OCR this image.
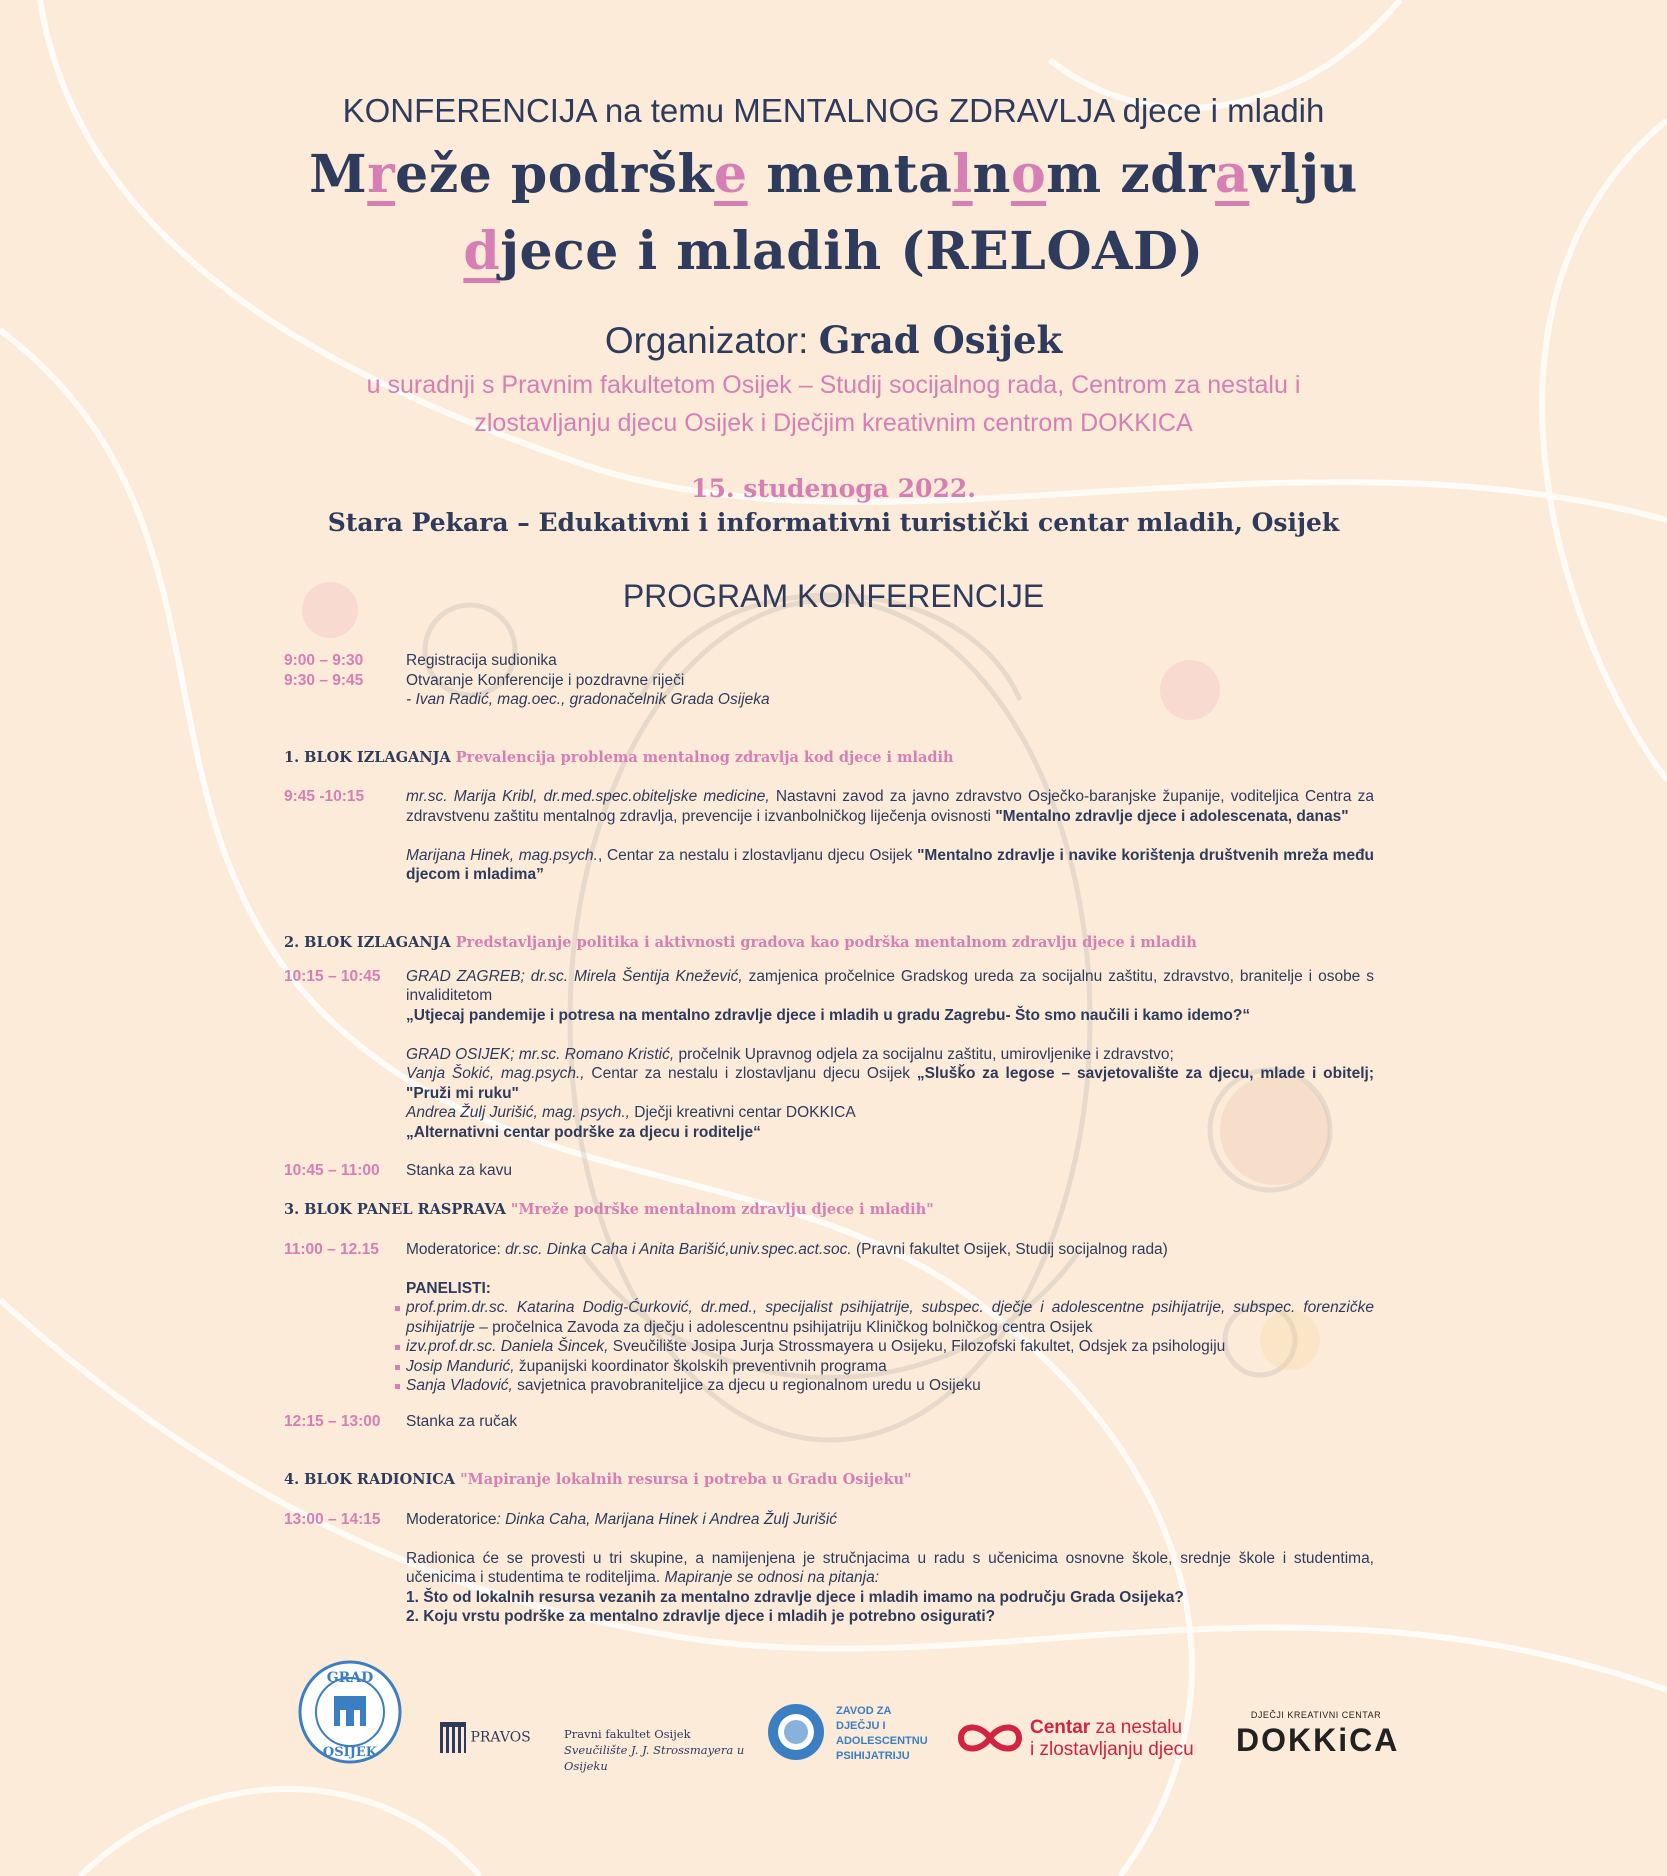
KONFERENCIJA na temu MENTALNOG ZDRAVLJA djece i mladih
Mreže podrške mentalnom zdravlju
djece i mladih (RELOAD)
Organizator: Grad Osijek
u suradnji s Pravnim fakultetom Osijek – Studij socijalnog rada, Centrom za nestalu i
zlostavljanju djecu Osijek i Dječjim kreativnim centrom DOKKICA
15. studenoga 2022.
Stara Pekara – Edukativni i informativni turistički centar mladih, Osijek
PROGRAM KONFERENCIJE
9:00 – 9:30	Registracija sudionika
9:30 – 9:45	Otvaranje Konferencije i pozdravne riječi
- Ivan Radić, mag.oec., gradonačelnik Grada Osijeka
1. BLOK IZLAGANJA Prevalencija problema mentalnog zdravlja kod djece i mladih
9:45 -10:15	mr.sc. Marija Kribl, dr.med.spec.obiteljske medicine, Nastavni zavod za javno zdravstvo Osječko-baranjske županije, voditeljica Centra za zdravstvenu zaštitu mentalnog zdravlja, prevencije i izvanbolničkog liječenja ovisnosti "Mentalno zdravlje djece i adolescenata, danas"
Marijana Hinek, mag.psych., Centar za nestalu i zlostavljanu djecu Osijek "Mentalno zdravlje i navike korištenja društvenih mreža među djecom i mladima”
2. BLOK IZLAGANJA Predstavljanje politika i aktivnosti gradova kao podrška mentalnom zdravlju djece i mladih
10:15 – 10:45	GRAD ZAGREB; dr.sc. Mirela Šentija Knežević, zamjenica pročelnice Gradskog ureda za socijalnu zaštitu, zdravstvo, branitelje i osobe s invaliditetom
„Utjecaj pandemije i potresa na mentalno zdravlje djece i mladih u gradu Zagrebu- Što smo naučili i kamo idemo?“
GRAD OSIJEK; mr.sc. Romano Kristić, pročelnik Upravnog odjela za socijalnu zaštitu, umirovljenike i zdravstvo;
Vanja Šokić, mag.psych., Centar za nestalu i zlostavljanu djecu Osijek „Slušk̆o za legose – savjetovalište za djecu, mlade i obitelj; "Pruži mi ruku"
Andrea Žulj Jurišić, mag. psych., Dječji kreativni centar DOKKICA
„Alternativni centar podrške za djecu i roditelje“
10:45 – 11:00	Stanka za kavu
3. BLOK PANEL RASPRAVA "Mreže podrške mentalnom zdravlju djece i mladih"
11:00 – 12.15	Moderatorice: dr.sc. Dinka Caha i Anita Barišić,univ.spec.act.soc. (Pravni fakultet Osijek, Studij socijalnog rada)
PANELISTI:
prof.prim.dr.sc. Katarina Dodig-Ćurković, dr.med., specijalist psihijatrije, subspec. dječje i adolescentne psihijatrije, subspec. forenzičke psihijatrije – pročelnica Zavoda za dječju i adolescentnu psihijatriju Kliničkog bolničkog centra Osijek
izv.prof.dr.sc. Daniela Šincek, Sveučilište Josipa Jurja Strossmayera u Osijeku, Filozofski fakultet, Odsjek za psihologiju
Josip Mandurić, županijski koordinator školskih preventivnih programa
Sanja Vladović, savjetnica pravobraniteljice za djecu u regionalnom uredu u Osijeku
12:15 – 13:00	Stanka za ručak
4. BLOK RADIONICA "Mapiranje lokalnih resursa i potreba u Gradu Osijeku"
13:00 – 14:15	Moderatorice: Dinka Caha, Marijana Hinek i Andrea Žulj Jurišić
Radionica će se provesti u tri skupine, a namijenjena je stručnjacima u radu s učenicima osnovne škole, srednje škole i studentima, učenicima i studentima te roditeljima. Mapiranje se odnosi na pitanja:
1. Što od lokalnih resursa vezanih za mentalno zdravlje djece i mladih imamo na području Grada Osijeka?
2. Koju vrstu podrške za mentalno zdravlje djece i mladih je potrebno osigurati?
GRAD
OSIJEK
PRAVOS	Pravni fakultet Osijek
Sveučilište J. J. Strossmayera u Osijeku
ZAVOD ZA
DJEČJU I
ADOLESCENTNU
PSIHIJATRIJU
Centar za nestalu
i zlostavljanju djecu
DJEČJI KREATIVNI CENTAR
DOKKiCA
